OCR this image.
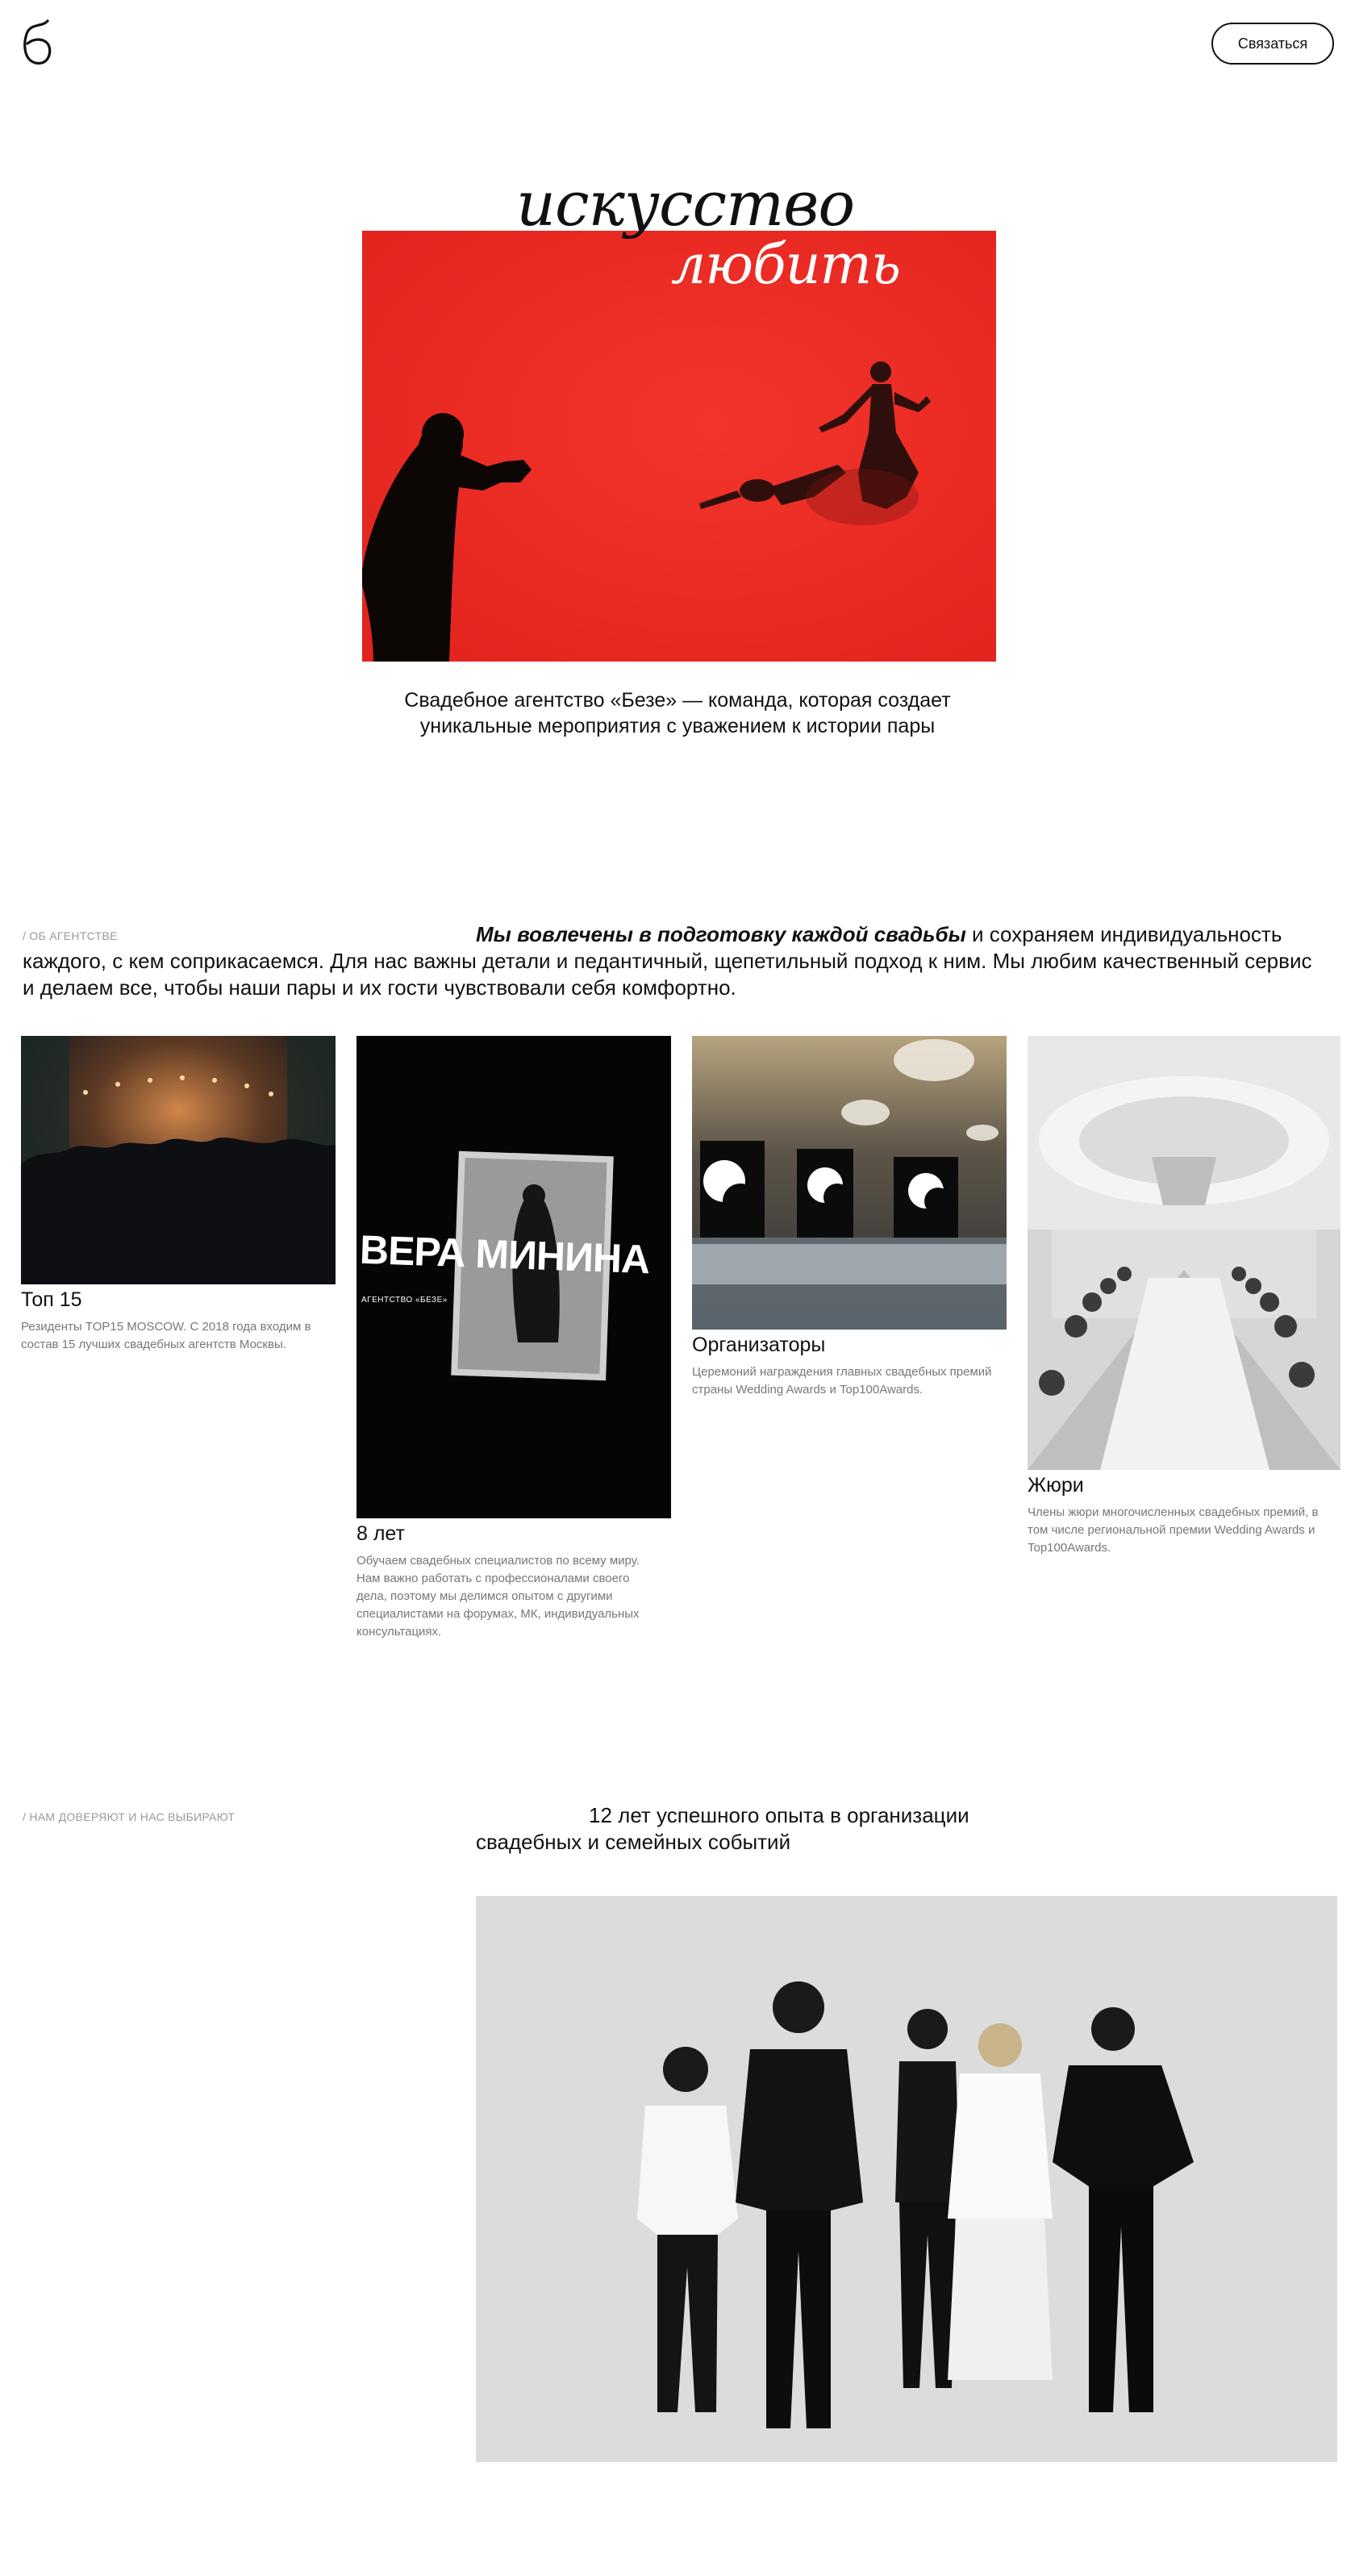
Связаться
искусство
любить
Свадебное агентство «Безе» — команда, которая создает уникальные мероприятия с уважением к истории пары
/ ОБ АГЕНТСТВЕ	Мы вовлечены в подготовку каждой свадьбы и сохраняем индивидуальность каждого, с кем соприкасаемся. Для нас важны детали и педантичный, щепетильный подход к ним. Мы любим качественный сервис и делаем все, чтобы наши пары и их гости чувствовали себя комфортно.
Топ 15
Резиденты TOP15 MOSCOW. С 2018 года входим в состав 15 лучших свадебных агентств Москвы.
ВЕРА МИНИНА
АГЕНТСТВО «БЕЗЕ»
8 лет
Обучаем свадебных специалистов по всему миру. Нам важно работать с профессионалами своего дела, поэтому мы делимся опытом с другими специалистами на форумах, МК, индивидуальных консультациях.
Организаторы
Церемоний награждения главных свадебных премий страны Wedding Awards и Top100Awards.
Жюри
Члены жюри многочисленных свадебных премий, в том числе региональной премии Wedding Awards и Top100Awards.
/ НАМ ДОВЕРЯЮТ И НАС ВЫБИРАЮТ	12 лет успешного опыта в организации свадебных и семейных событий
